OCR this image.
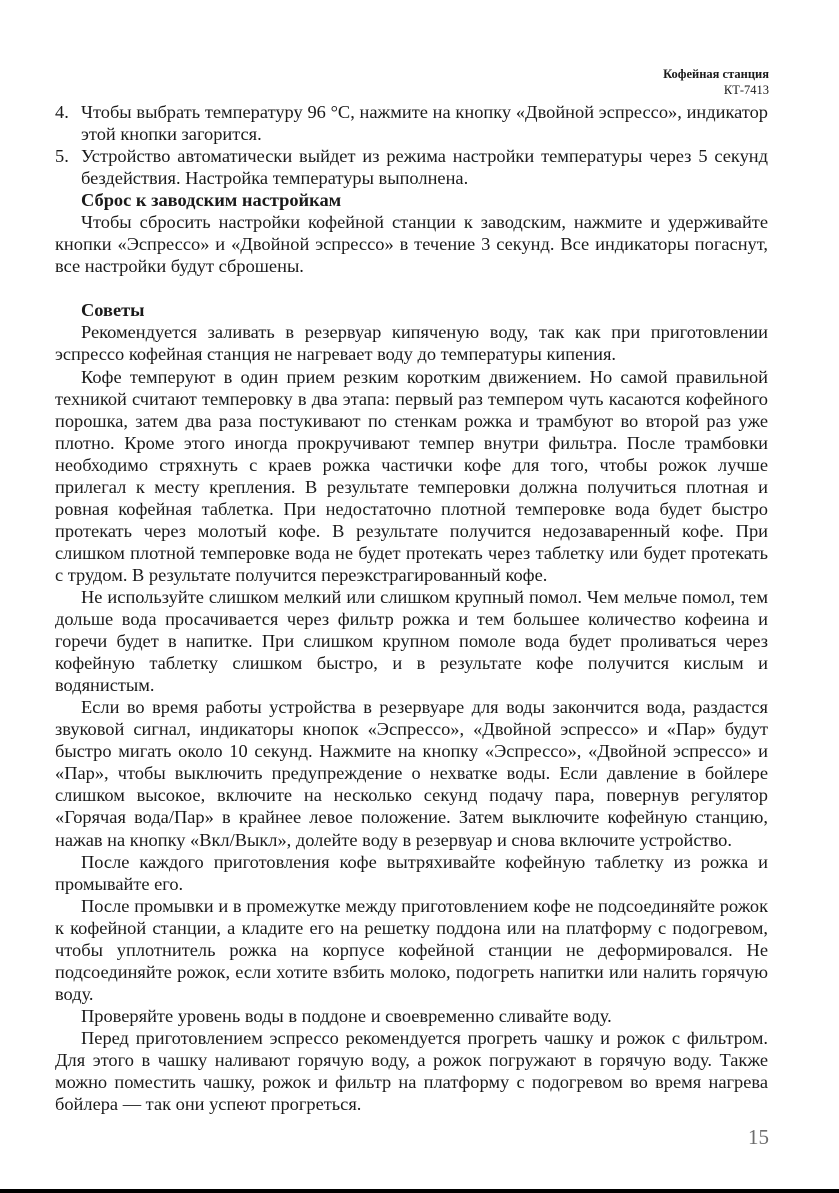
Кофейная станция
КТ-7413
4. Чтобы выбрать температуру 96 °С, нажмите на кнопку «Двойной эспрессо», индикатор этой кнопки загорится.
5. Устройство автоматически выйдет из режима настройки температуры через 5 секунд бездействия. Настройка температуры выполнена.
Сброс к заводским настройкам

Чтобы сбросить настройки кофейной станции к заводским, нажмите и удерживайте кнопки «Эспрессо» и «Двойной эспрессо» в течение 3 секунд. Все индикаторы погаснут, все настройки будут сброшены.

Советы

Рекомендуется заливать в резервуар кипяченую воду, так как при приготовлении эспрессо кофейная станция не нагревает воду до температуры кипения.

Кофе темперуют в один прием резким коротким движением. Но самой правильной техникой считают темперовку в два этапа: первый раз темпером чуть касаются кофейного порошка, затем два раза постукивают по стенкам рожка и трамбуют во второй раз уже плотно. Кроме этого иногда прокручивают темпер внутри фильтра. После трамбовки необходимо стряхнуть с краев рожка частички кофе для того, чтобы рожок лучше прилегал к месту крепления. В результате темперовки должна получиться плотная и ровная кофейная таблетка. При недостаточно плотной темперовке вода будет быстро протекать через молотый кофе. В результате получится недозаваренный кофе. При слишком плотной темперовке вода не будет протекать через таблетку или будет протекать с трудом. В результате получится переэкстрагированный кофе.

Не используйте слишком мелкий или слишком крупный помол. Чем мельче помол, тем дольше вода просачивается через фильтр рожка и тем большее количество кофеина и горечи будет в напитке. При слишком крупном помоле вода будет проливаться через кофейную таблетку слишком быстро, и в результате кофе получится кислым и водянистым.

Если во время работы устройства в резервуаре для воды закончится вода, раздастся звуковой сигнал, индикаторы кнопок «Эспрессо», «Двойной эспрессо» и «Пар» будут быстро мигать около 10 секунд. Нажмите на кнопку «Эспрессо», «Двойной эспрессо» и «Пар», чтобы выключить предупреждение о нехватке воды. Если давление в бойлере слишком высокое, включите на несколько секунд подачу пара, повернув регулятор «Горячая вода/Пар» в крайнее левое положение. Затем выключите кофейную станцию, нажав на кнопку «Вкл/Выкл», долейте воду в резервуар и снова включите устройство.

После каждого приготовления кофе вытряхивайте кофейную таблетку из рожка и промывайте его.

После промывки и в промежутке между приготовлением кофе не подсоединяйте рожок к кофейной станции, а кладите его на решетку поддона или на платформу с подогревом, чтобы уплотнитель рожка на корпусе кофейной станции не деформировался. Не подсоединяйте рожок, если хотите взбить молоко, подогреть напитки или налить горячую воду.

Проверяйте уровень воды в поддоне и своевременно сливайте воду.

Перед приготовлением эспрессо рекомендуется прогреть чашку и рожок с фильтром. Для этого в чашку наливают горячую воду, а рожок погружают в горячую воду. Также можно поместить чашку, рожок и фильтр на платформу с подогревом во время нагрева бойлера — так они успеют прогреться.

15
